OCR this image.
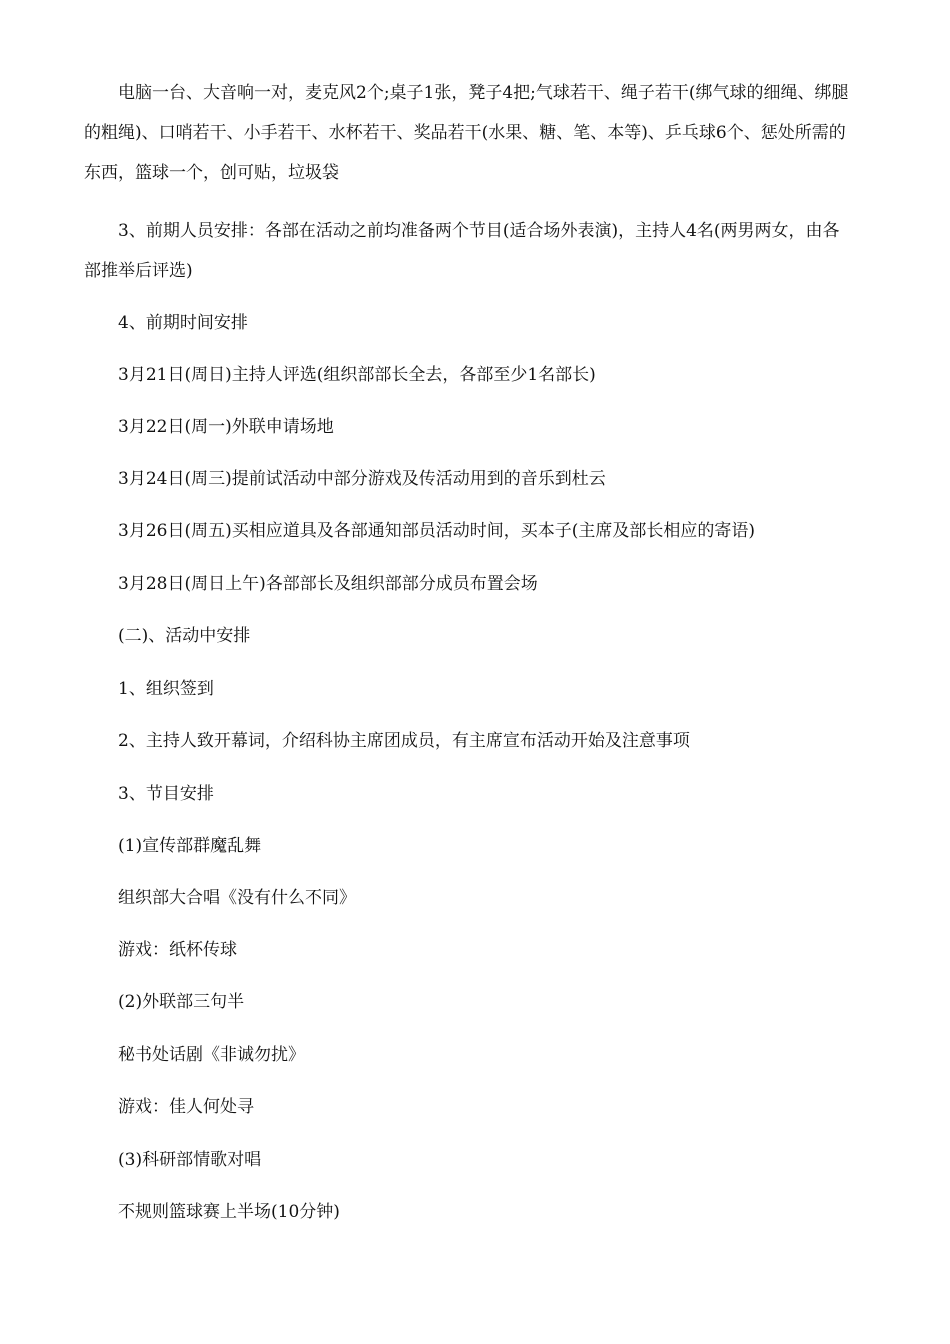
电脑一台、大音响一对，麦克风2个;桌子1张，凳子4把;气球若干、绳子若干(绑气球的细绳、绑腿的粗绳)、口哨若干、小手若干、水杯若干、奖品若干(水果、糖、笔、本等)、乒乓球6个、惩处所需的东西，篮球一个，创可贴，垃圾袋

3、前期人员安排：各部在活动之前均准备两个节目(适合场外表演)，主持人4名(两男两女，由各部推举后评选)

4、前期时间安排

3月21日(周日)主持人评选(组织部部长全去，各部至少1名部长)

3月22日(周一)外联申请场地

3月24日(周三)提前试活动中部分游戏及传活动用到的音乐到杜云

3月26日(周五)买相应道具及各部通知部员活动时间，买本子(主席及部长相应的寄语)

3月28日(周日上午)各部部长及组织部部分成员布置会场

(二)、活动中安排

1、组织签到

2、主持人致开幕词，介绍科协主席团成员，有主席宣布活动开始及注意事项

3、节目安排

(1)宣传部群魔乱舞

组织部大合唱《没有什么不同》

游戏：纸杯传球

(2)外联部三句半

秘书处话剧《非诚勿扰》

游戏：佳人何处寻

(3)科研部情歌对唱

不规则篮球赛上半场(10分钟)
